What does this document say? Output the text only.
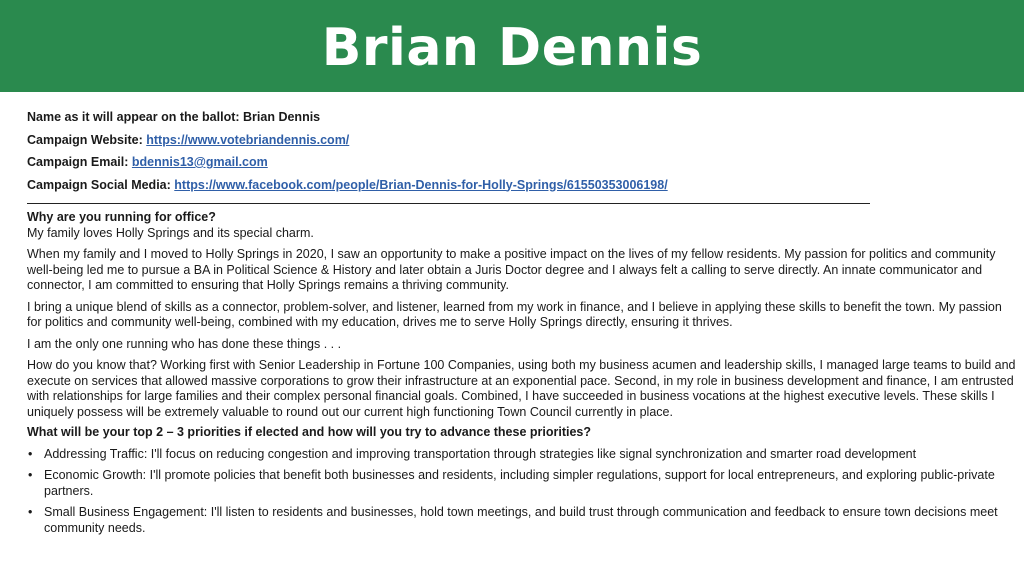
Brian Dennis
Name as it will appear on the ballot: Brian Dennis
Campaign Website: https://www.votebriandennis.com/
Campaign Email: bdennis13@gmail.com
Campaign Social Media: https://www.facebook.com/people/Brian-Dennis-for-Holly-Springs/61550353006198/
Why are you running for office?

My family loves Holly Springs and its special charm.

When my family and I moved to Holly Springs in 2020, I saw an opportunity to make a positive impact on the lives of my fellow residents. My passion for politics and community well-being led me to pursue a BA in Political Science & History and later obtain a Juris Doctor degree and I always felt a calling to serve directly. An innate communicator and connector, I am committed to ensuring that Holly Springs remains a thriving community.

I bring a unique blend of skills as a connector, problem-solver, and listener, learned from my work in finance, and I believe in applying these skills to benefit the town. My passion for politics and community well-being, combined with my education, drives me to serve Holly Springs directly, ensuring it thrives.

I am the only one running who has done these things . . .

How do you know that? Working first with Senior Leadership in Fortune 100 Companies, using both my business acumen and leadership skills, I managed large teams to build and execute on services that allowed massive corporations to grow their infrastructure at an exponential pace. Second, in my role in business development and finance, I am entrusted with relationships for large families and their complex personal financial goals. Combined, I have succeeded in business vocations at the highest executive levels. These skills I uniquely possess will be extremely valuable to round out our current high functioning Town Council currently in place.

What will be your top 2 – 3 priorities if elected and how will you try to advance these priorities?
• Addressing Traffic: I'll focus on reducing congestion and improving transportation through strategies like signal synchronization and smarter road development
• Economic Growth: I'll promote policies that benefit both businesses and residents, including simpler regulations, support for local entrepreneurs, and exploring public-private partners.
• Small Business Engagement: I'll listen to residents and businesses, hold town meetings, and build trust through communication and feedback to ensure town decisions meet community needs.
